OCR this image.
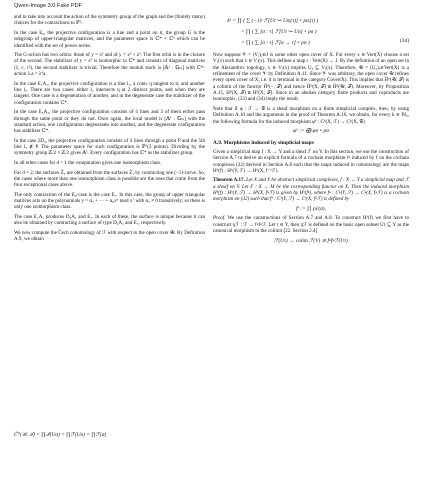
Qwen-Image 3.0 Fake PDF

and to take into account the action of the symmetry group of the graph and the (finitely many) choices for the contractions to ℙ².

In the case E₆, the projective configuration is a line and a point on it, the group G is the subgroup of upper-triangular matrices, and the parameter space is ℂ* × ℂ³ which can be identified with the set of power series.

The G-action has two orbits: those of y = x³ and of y = x³ + z². The first orbit is in the closure of the second. The stabilizer of y = x³ is isomorphic to ℂ* and consists of diagonal matrices (1, c, c³), the second stabilizer is trivial. Therefore the moduli stack is [𝔸¹ : 𝔾ₘ] with ℂ*-action λ.a = λ⁶a.

In the case E₇A₁, the projective configuration is a line l₁, a conic q tangent to it, and another line l₂. There are two cases: either l₂ intersects q at 2 distinct points, and when they are tangent. One case is a degeneration of another, and in the degenerate case the stabilizer of the configuration contains ℂ*.

In the case E₆A₂, the projective configuration consists of 4 lines and 3 of them either pass through the same point or they do not. Once again, the local model is [𝔸¹ : 𝔾ₘ] with the standard action, one configuration degenerates into another, and the degenerate configuration has stabilizer ℂ*.

In the case 2D₄, the projective configuration consists of 4 lines through a point P and the 5th line l₅ ∉ P. The parameter space for such configuration is ℙ¹(3 points). Dividing by the symmetry group ℤ/2 × ℤ/2 gives 𝔸¹. Every configuration has ℂ* as the stabilizer group.

In all other cases for d = 1 the computation gives one isomorphism class.

For d = 2, the surfaces Z̃₂ are obtained from the surfaces Z̃₁ by contracting one (−1)-curve. So, the cases where more than one isomorphism class is possible are the ones that come from the four exceptional cases above.

The only contraction of the E₈-case is the case E₇. In this case, the group of upper triangular matrices acts on the polynomials y = α₃ + ··· + α₆x⁶ mod x⁷ with α₃ ≠ 0 transitively; so there is only one isomorphism class.

The case E₇A₁ produces D₆A₁ and E₇. In each of these, the surface is unique because it can also be obtained by contracting a surface of type D₄A₁ and E₇, respectively.

We now compute the Čech cohomology of ℱ with respect to the open cover 𝒰. By Definition A.9, we obtain

Č⁰(𝒰, ℱ) = ∏ℱ(Uσ) = ∏ℱ(Uσ) = ∏ℱ(σ)
δᵏ = ∏ ( ∑ (−1)ʲ ℱ[Uτ ↪ Uσᵢ(τ)] ∘ pσᵢ(τ) )
= ∏ ( ∑ [σ : τ] ℱ[Uτ ↪ Uσ] ∘ pσ )
= ∏ ( ∑ [σ : τ] ℱ[σ → τ] ∘ pσ )	(34)

Now suppose 𝒱 = (Vⱼ)ⱼ∈J is some other open cover of X. For every x ∈ Vert(X) choose a set Vⱼ(x) such that x ∈ Vⱼ(x). This defines a map r : Vert(X) → J. By the definition of an open set in the Alexandrov topology, x ∈ Vⱼ(x) implies Uₓ ⊆ Vⱼ(x). Therefore, 𝒰 = (Uₓ)ₓ∈Vert(X) is a refinement of the cover 𝒱 by Definition A.11. Since 𝒱 was arbitrary, the open cover 𝒰 refines every open cover of X, i.e. it is terminal in the category Cover(X). This implies that Ĥ⁰(𝒰, ℱ) is a colimit of the functor Ĥ⁰(−, ℱ) and hence Ĥ⁰(X, ℱ) ≅ Ĥ⁰(𝒰, ℱ). Moreover, by Proposition A.15, H⁰(X, ℱ) ≅ H⁰(X, ℱ). Since in an abelian category finite products and coproducts are isomorphic, (33) and (34) imply the result.

Note that if φ : ℱ → 𝒢 is a sheaf morphism on a finite simplicial complex, then, by using Definition A.10 and the arguments in the proof of Theorem A.16, we obtain, for every k ∈ ℕ₀, the following formula for the induced morphism φᵏ : Cᵏ(X, ℱ) → Cᵏ(X, 𝒢)

φᵏ := ⨁ φσ ∘ pσ
A.9. Morphisms induced by simplicial maps

Given a simplicial map f : X → Y and a sheaf ℱ on Y. In this section, we use the construction of Section A.7 to derive an explicit formula of a cochain morphism f• induced by f on the cochain complexes (32) derived in Section A.8 such that the maps induced in cohomology are the maps Hᵏ(f) : Hᵏ(Y, ℱ) → Hᵏ(X, f⁻¹ℱ).

Theorem A.17. Let X and Y be abstract simplicial complexes, f : X → Y a simplicial map and ℱ a sheaf on Y. Let F : X → M be the corresponding functor on X. Then the induced morphism Hᵏ(f) : Hᵏ(Y, ℱ) → Hᵏ(X, f•ℱ) is given by Hᵏ(f•), where f• : C•(Y, ℱ) → C•(X, f•ℱ) is a cochain morphism on (32) such that fᵏ : Cᵏ(Y, ℱ) → Cᵏ(X, f•ℱ) is defined by

fᵏ := ∏ pƒ(σ),

Proof. We use the constructions of Section A.7 and A.8. To construct Hᵏ(f) we first have to construct ηℱ : ℱ → f•f•ℱ. Let τ ∈ Y, then ηℱ is defined on the basic open subset Uτ ⊆ Y as the canonical morphism to the colimit [22. Section 2.4]

ℱ(Uτ) → colim ℱ(V) ≅ f•f•ℱ(Uτ)
